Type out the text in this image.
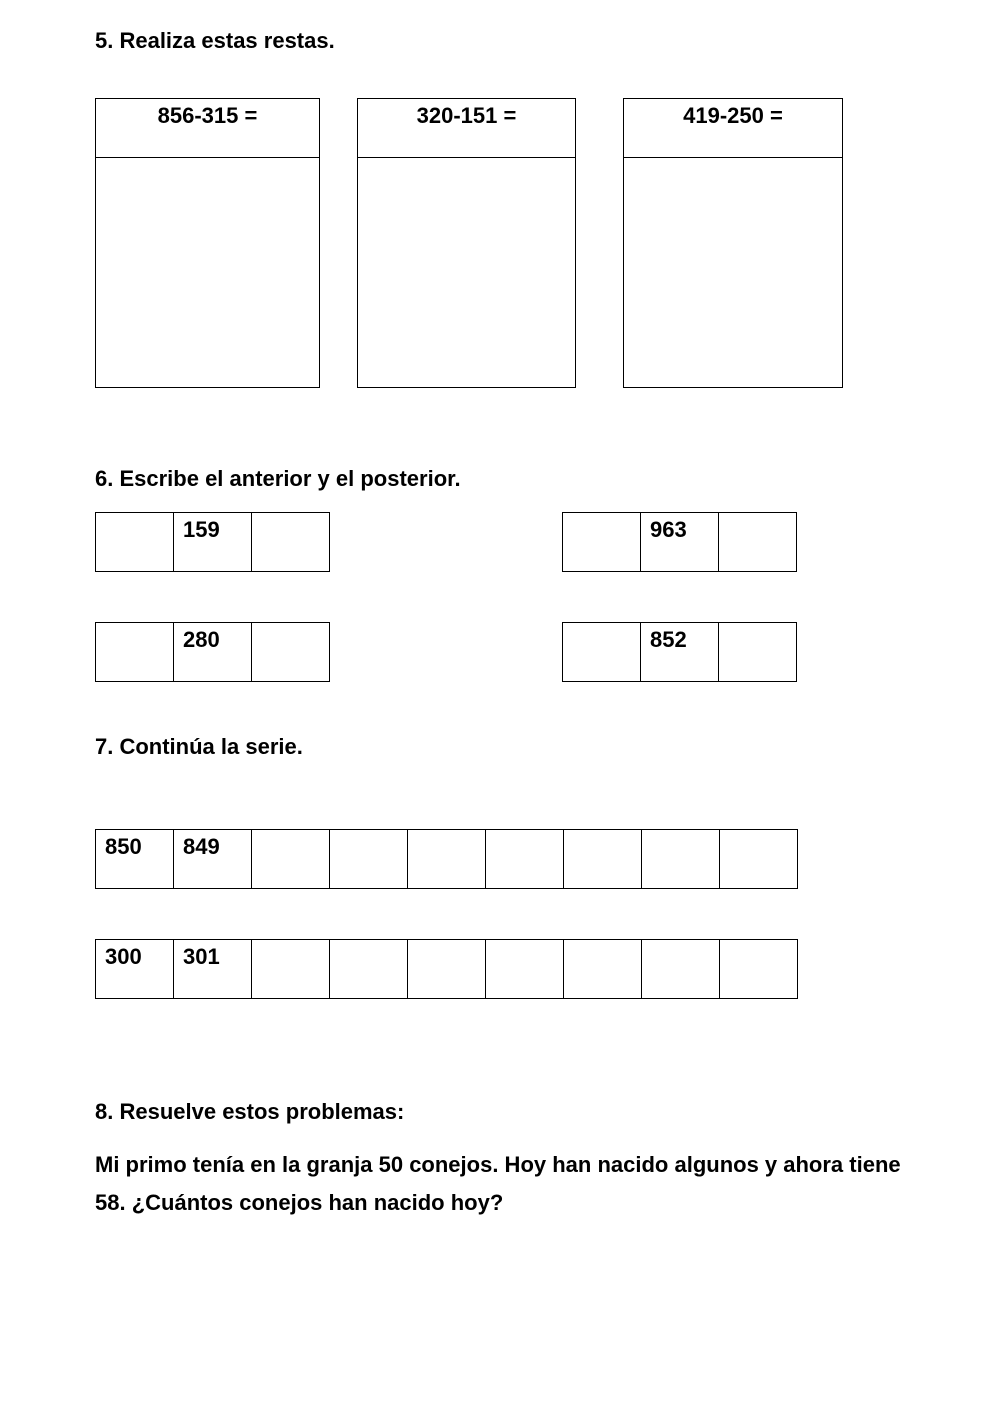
5. Realiza estas restas.
856-315 =	320-151 =	419-250 =
6. Escribe el anterior y el posterior.
	159	
		963	
	280	
		852	
7. Continúa la serie.
850	849							
300	301							
8. Resuelve estos problemas:

Mi primo tenía en la granja 50 conejos. Hoy han nacido algunos y ahora tiene 58. ¿Cuántos conejos han nacido hoy?
